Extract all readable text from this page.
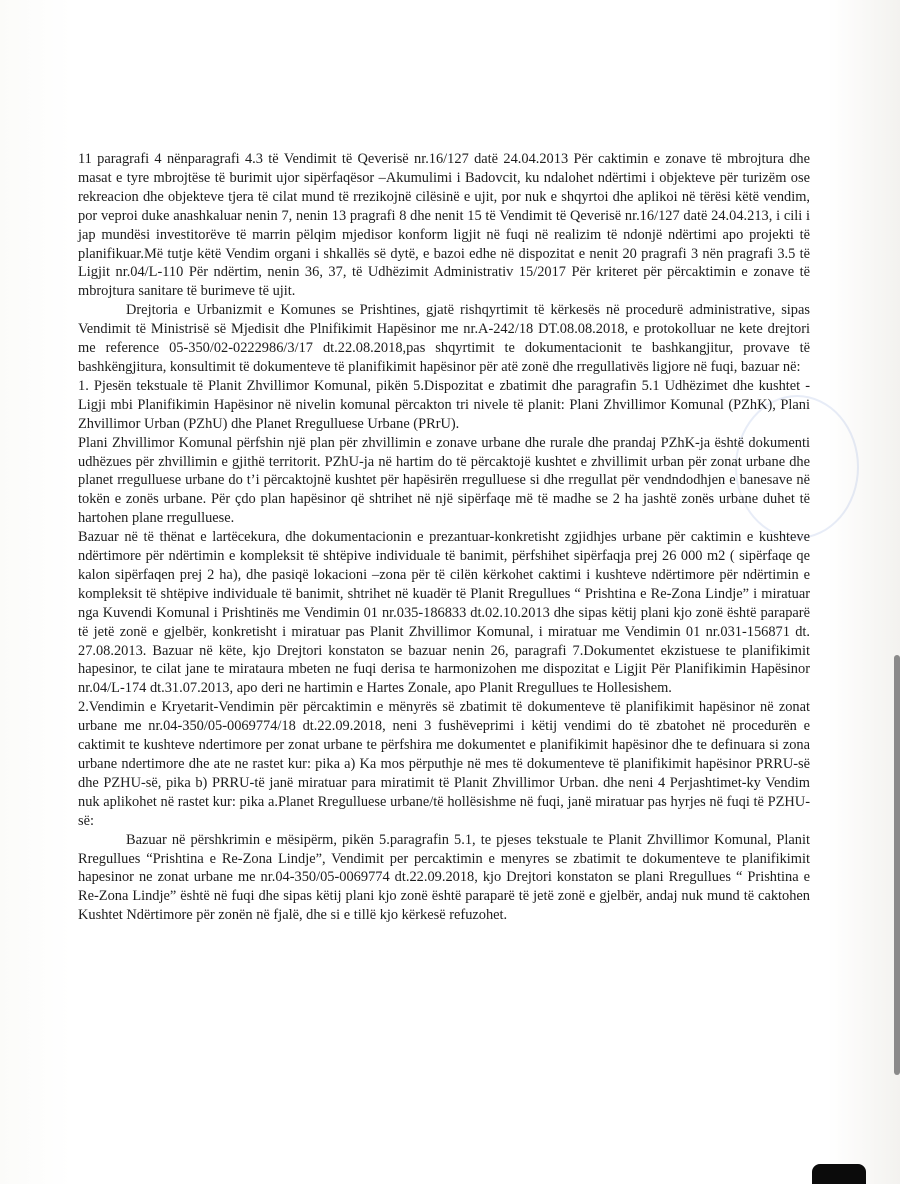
11 paragrafi 4 nënparagrafi 4.3 të Vendimit të Qeverisë nr.16/127 datë 24.04.2013 Për caktimin e zonave të mbrojtura dhe masat e tyre mbrojtëse të burimit ujor sipërfaqësor –Akumulimi i Badovcit, ku ndalohet ndërtimi i objekteve për turizëm ose rekreacion dhe objekteve tjera të cilat mund të rrezikojnë cilësinë e ujit, por nuk e shqyrtoi dhe aplikoi në tërësi këtë vendim, por veproi duke anashkaluar nenin 7, nenin 13 pragrafi 8 dhe nenit 15 të Vendimit të Qeverisë nr.16/127 datë 24.04.213, i cili i jap mundësi investitorëve të marrin pëlqim mjedisor konform ligjit në fuqi në realizim të ndonjë ndërtimi apo projekti të planifikuar.Më tutje këtë Vendim organi i shkallës së dytë, e bazoi edhe në dispozitat e nenit 20 pragrafi 3 nën pragrafi 3.5 të Ligjit nr.04/L-110 Për ndërtim, nenin 36, 37, të Udhëzimit Administrativ 15/2017 Për kriteret për përcaktimin e zonave të mbrojtura sanitare të burimeve të ujit.

Drejtoria e Urbanizmit e Komunes se Prishtines, gjatë rishqyrtimit të kërkesës në procedurë administrative, sipas Vendimit të Ministrisë së Mjedisit dhe Plnifikimit Hapësinor me nr.A-242/18 DT.08.08.2018, e protokolluar ne kete drejtori me reference 05-350/02-0222986/3/17 dt.22.08.2018,pas shqyrtimit te dokumentacionit te bashkangjitur, provave të bashkëngjitura, konsultimit të dokumenteve të planifikimit hapësinor për atë zonë dhe rregullativës ligjore në fuqi, bazuar në:

1. Pjesën tekstuale të Planit Zhvillimor Komunal, pikën 5.Dispozitat e zbatimit dhe paragrafin 5.1 Udhëzimet dhe kushtet -Ligji mbi Planifikimin Hapësinor në nivelin komunal përcakton tri nivele të planit: Plani Zhvillimor Komunal (PZhK), Plani Zhvillimor Urban (PZhU) dhe Planet Rregulluese Urbane (PRrU).

Plani Zhvillimor Komunal përfshin një plan për zhvillimin e zonave urbane dhe rurale dhe prandaj PZhK-ja është dokumenti udhëzues për zhvillimin e gjithë territorit. PZhU-ja në hartim do të përcaktojë kushtet e zhvillimit urban për zonat urbane dhe planet rregulluese urbane do t’i përcaktojnë kushtet për hapësirën rregulluese si dhe rregullat për vendndodhjen e banesave në tokën e zonës urbane. Për çdo plan hapësinor që shtrihet në një sipërfaqe më të madhe se 2 ha jashtë zonës urbane duhet të hartohen plane rregulluese.

Bazuar në të thënat e lartëcekura, dhe dokumentacionin e prezantuar-konkretisht zgjidhjes urbane për caktimin e kushteve ndërtimore për ndërtimin e kompleksit të shtëpive individuale të banimit, përfshihet sipërfaqja prej 26 000 m2 ( sipërfaqe qe kalon sipërfaqen prej 2 ha), dhe pasiqë lokacioni –zona për të cilën kërkohet caktimi i kushteve ndërtimore për ndërtimin e kompleksit të shtëpive individuale të banimit, shtrihet në kuadër të Planit Rregullues “ Prishtina e Re-Zona Lindje” i miratuar nga Kuvendi Komunal i Prishtinës me Vendimin 01 nr.035-186833 dt.02.10.2013 dhe sipas këtij plani kjo zonë është paraparë të jetë zonë e gjelbër, konkretisht i miratuar pas Planit Zhvillimor Komunal, i miratuar me Vendimin 01 nr.031-156871 dt. 27.08.2013. Bazuar në këte, kjo Drejtori konstaton se bazuar nenin 26, paragrafi 7.Dokumentet ekzistuese te planifikimit hapesinor, te cilat jane te mirataura mbeten ne fuqi derisa te harmonizohen me dispozitat e Ligjit Për Planifikimin Hapësinor nr.04/L-174 dt.31.07.2013, apo deri ne hartimin e Hartes Zonale, apo Planit Rregullues te Hollesishem.

2.Vendimin e Kryetarit-Vendimin për përcaktimin e mënyrës së zbatimit të dokumenteve të planifikimit hapësinor në zonat urbane me nr.04-350/05-0069774/18 dt.22.09.2018, neni 3 fushëveprimi i këtij vendimi do të zbatohet në procedurën e caktimit te kushteve ndertimore per zonat urbane te përfshira me dokumentet e planifikimit hapësinor dhe te definuara si zona urbane ndertimore dhe ate ne rastet kur: pika a) Ka mos përputhje në mes të dokumenteve të planifikimit hapësinor PRRU-së dhe PZHU-së, pika b) PRRU-të janë miratuar para miratimit të Planit Zhvillimor Urban. dhe neni 4 Perjashtimet-ky Vendim nuk aplikohet në rastet kur: pika a.Planet Rregulluese urbane/të hollësishme në fuqi, janë miratuar pas hyrjes në fuqi të PZHU-së:

Bazuar në përshkrimin e mësipërm, pikën 5.paragrafin 5.1, te pjeses tekstuale te Planit Zhvillimor Komunal, Planit Rregullues “Prishtina e Re-Zona Lindje”, Vendimit per percaktimin e menyres se zbatimit te dokumenteve te planifikimit hapesinor ne zonat urbane me nr.04-350/05-0069774 dt.22.09.2018, kjo Drejtori konstaton se plani Rregullues “ Prishtina e Re-Zona Lindje” është në fuqi dhe sipas këtij plani kjo zonë është paraparë të jetë zonë e gjelbër, andaj nuk mund të caktohen Kushtet Ndërtimore për zonën në fjalë, dhe si e tillë kjo kërkesë refuzohet.
